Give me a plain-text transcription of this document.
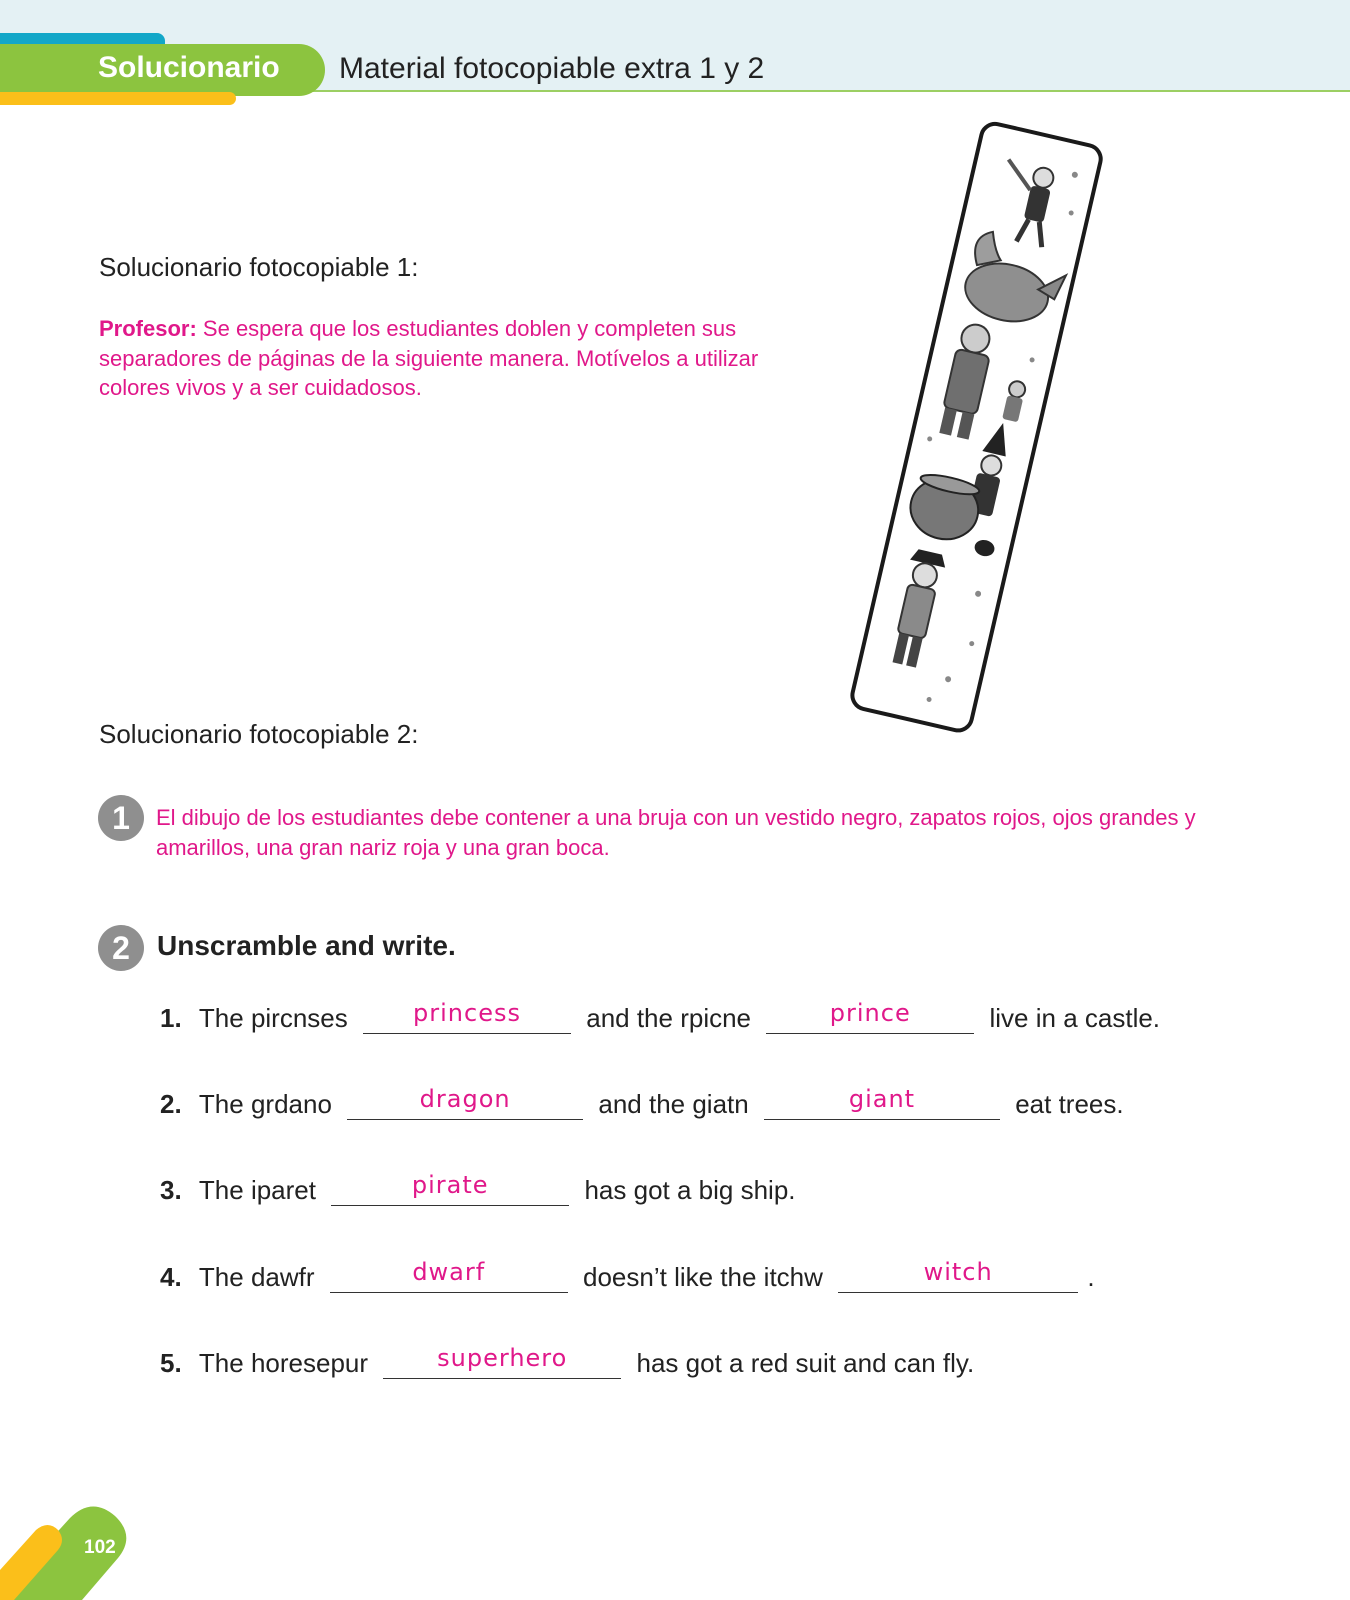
Solucionario Material fotocopiable extra 1 y 2
Solucionario fotocopiable 1:
Profesor: Se espera que los estudiantes doblen y completen sus separadores de páginas de la siguiente manera. Motívelos a utilizar colores vivos y a ser cuidadosos.
Solucionario fotocopiable 2:
1	El dibujo de los estudiantes debe contener a una bruja con un vestido negro, zapatos rojos, ojos grandes y amarillos, una gran nariz roja y una gran boca.
2 Unscramble and write.
1. The pircnses	princess	and the rpicne	prince	live in a castle.
2. The grdano	dragon	and the giatn	giant	eat trees.
3. The iparet	pirate	has got a big ship.
4. The dawfr	dwarf	doesn’t like the itchw	witch	.
5. The horesepur	superhero	has got a red suit and can fly.
102
